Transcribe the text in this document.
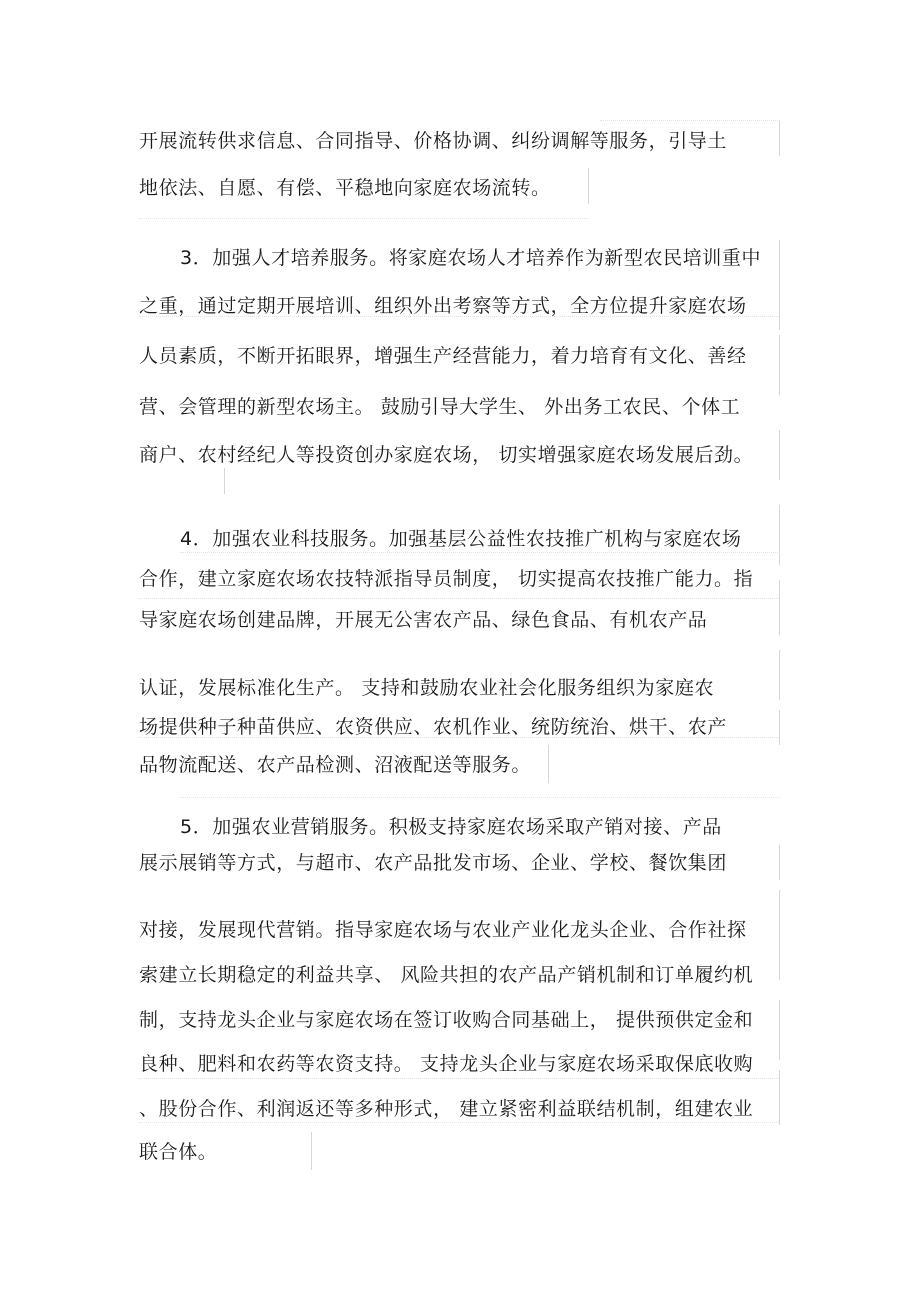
开展流转供求信息、合同指导、价格协调、纠纷调解等服务，引导土
地依法、自愿、有偿、平稳地向家庭农场流转。
3．加强人才培养服务。将家庭农场人才培养作为新型农民培训重中
之重，通过定期开展培训、组织外出考察等方式，全方位提升家庭农场
人员素质，不断开拓眼界，增强生产经营能力，着力培育有文化、善经
营、会管理的新型农场主。 鼓励引导大学生、 外出务工农民、个体工
商户、农村经纪人等投资创办家庭农场， 切实增强家庭农场发展后劲。
4．加强农业科技服务。加强基层公益性农技推广机构与家庭农场
合作，建立家庭农场农技特派指导员制度， 切实提高农技推广能力。指
导家庭农场创建品牌，开展无公害农产品、绿色食品、有机农产品
认证，发展标准化生产。 支持和鼓励农业社会化服务组织为家庭农
场提供种子种苗供应、农资供应、农机作业、统防统治、烘干、农产
品物流配送、农产品检测、沼液配送等服务。
5．加强农业营销服务。积极支持家庭农场采取产销对接、产品
展示展销等方式，与超市、农产品批发市场、企业、学校、餐饮集团
对接，发展现代营销。指导家庭农场与农业产业化龙头企业、合作社探
索建立长期稳定的利益共享、 风险共担的农产品产销机制和订单履约机
制，支持龙头企业与家庭农场在签订收购合同基础上， 提供预供定金和
良种、肥料和农药等农资支持。 支持龙头企业与家庭农场采取保底收购
、股份合作、利润返还等多种形式， 建立紧密利益联结机制，组建农业
联合体。
